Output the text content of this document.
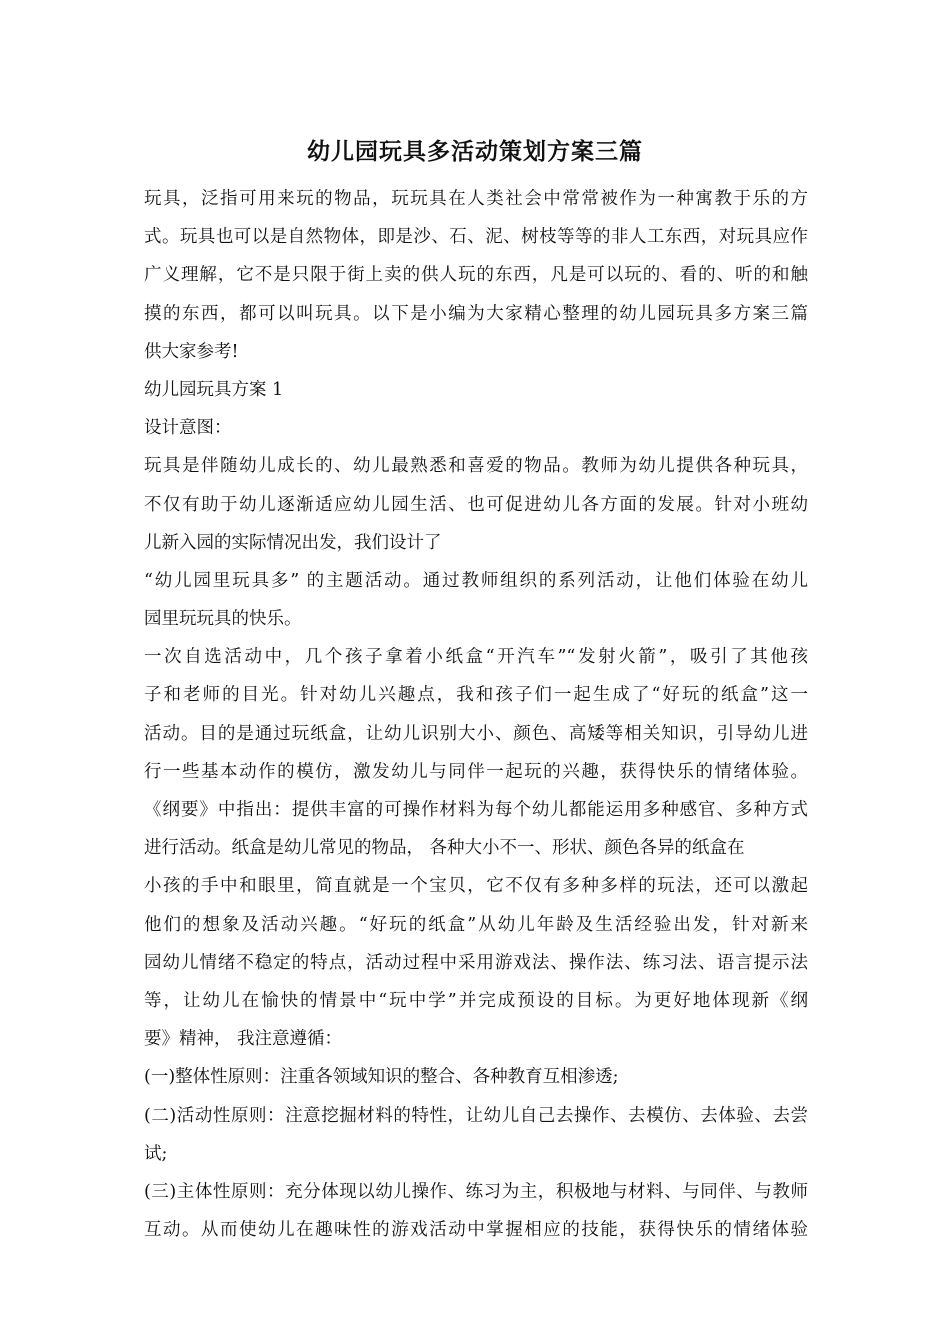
幼儿园玩具多活动策划方案三篇
玩具，泛指可用来玩的物品，玩玩具在人类社会中常常被作为一种寓教于乐的方
式。玩具也可以是自然物体，即是沙、石、泥、树枝等等的非人工东西，对玩具应作
广义理解，它不是只限于街上卖的供人玩的东西，凡是可以玩的、看的、听的和触
摸的东西，都可以叫玩具。以下是小编为大家精心整理的幼儿园玩具多方案三篇
供大家参考!
幼儿园玩具方案 1
设计意图：
玩具是伴随幼儿成长的、幼儿最熟悉和喜爱的物品。教师为幼儿提供各种玩具，
不仅有助于幼儿逐渐适应幼儿园生活、也可促进幼儿各方面的发展。针对小班幼
儿新入园的实际情况出发，我们设计了
“幼儿园里玩具多” 的主题活动。通过教师组织的系列活动，让他们体验在幼儿
园里玩玩具的快乐。
一次自选活动中，几个孩子拿着小纸盒“开汽车”“发射火箭”，吸引了其他孩
子和老师的目光。针对幼儿兴趣点，我和孩子们一起生成了“好玩的纸盒”这一
活动。目的是通过玩纸盒，让幼儿识别大小、颜色、高矮等相关知识，引导幼儿进
行一些基本动作的模仿，激发幼儿与同伴一起玩的兴趣，获得快乐的情绪体验。
《纲要》中指出：提供丰富的可操作材料为每个幼儿都能运用多种感官、多种方式
进行活动。纸盒是幼儿常见的物品， 各种大小不一、形状、颜色各异的纸盒在
小孩的手中和眼里，简直就是一个宝贝，它不仅有多种多样的玩法，还可以激起
他们的想象及活动兴趣。“好玩的纸盒”从幼儿年龄及生活经验出发，针对新来
园幼儿情绪不稳定的特点，活动过程中采用游戏法、操作法、练习法、语言提示法
等，让幼儿在愉快的情景中“玩中学”并完成预设的目标。为更好地体现新《纲
要》精神， 我注意遵循：
(一)整体性原则：注重各领域知识的整合、各种教育互相渗透;
(二)活动性原则：注意挖掘材料的特性，让幼儿自己去操作、去模仿、去体验、去尝
试;
(三)主体性原则：充分体现以幼儿操作、练习为主，积极地与材料、与同伴、与教师
互动。从而使幼儿在趣味性的游戏活动中掌握相应的技能，获得快乐的情绪体验
